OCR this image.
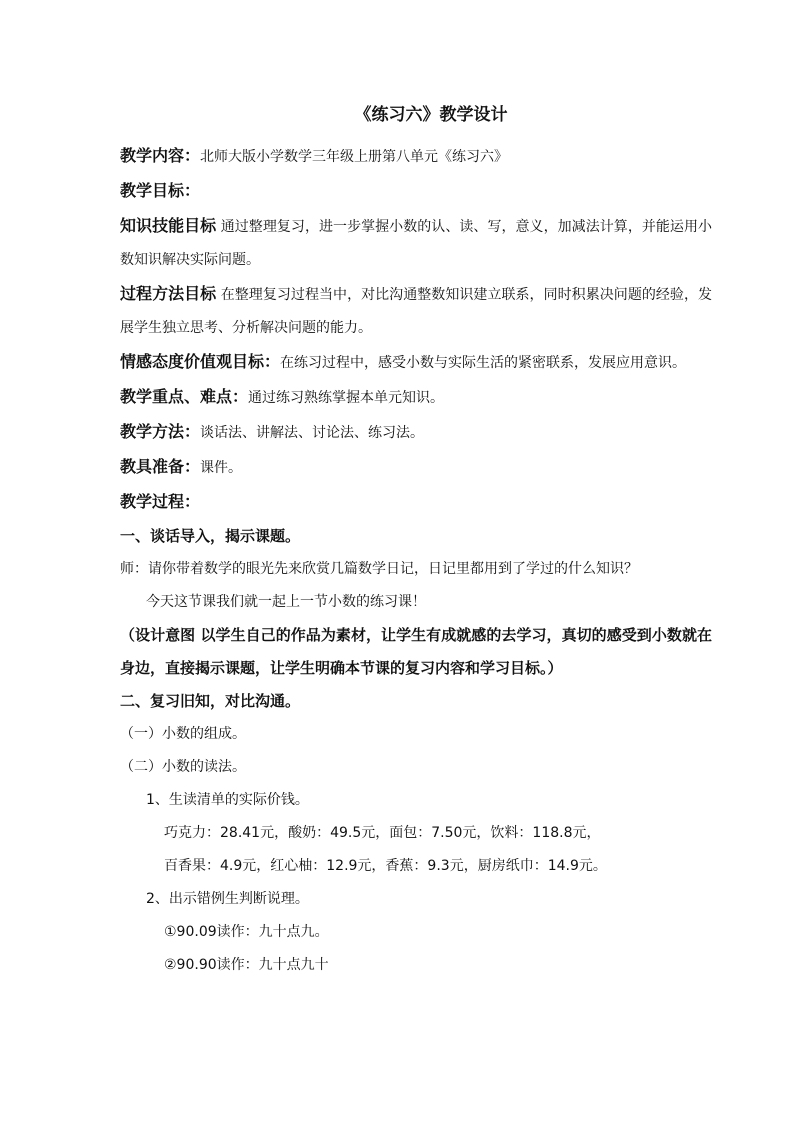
《练习六》教学设计

教学内容：北师大版小学数学三年级上册第八单元《练习六》

教学目标：

知识技能目标 通过整理复习，进一步掌握小数的认、读、写，意义，加减法计算，并能运用小数知识解决实际问题。

过程方法目标 在整理复习过程当中，对比沟通整数知识建立联系，同时积累决问题的经验，发展学生独立思考、分析解决问题的能力。

情感态度价值观目标：在练习过程中，感受小数与实际生活的紧密联系，发展应用意识。

教学重点、难点：通过练习熟练掌握本单元知识。

教学方法：谈话法、讲解法、讨论法、练习法。

教具准备：课件。

教学过程：

一、谈话导入，揭示课题。

师：请你带着数学的眼光先来欣赏几篇数学日记，日记里都用到了学过的什么知识？

今天这节课我们就一起上一节小数的练习课！

（设计意图 以学生自己的作品为素材，让学生有成就感的去学习，真切的感受到小数就在身边，直接揭示课题，让学生明确本节课的复习内容和学习目标。）

二、复习旧知，对比沟通。

（一）小数的组成。

（二）小数的读法。

1、生读清单的实际价钱。

巧克力：28.41元，酸奶：49.5元，面包：7.50元，饮料：118.8元，

百香果：4.9元，红心柚：12.9元，香蕉：9.3元，厨房纸巾：14.9元。

2、出示错例生判断说理。

①90.09读作：九十点九。

②90.90读作：九十点九十
